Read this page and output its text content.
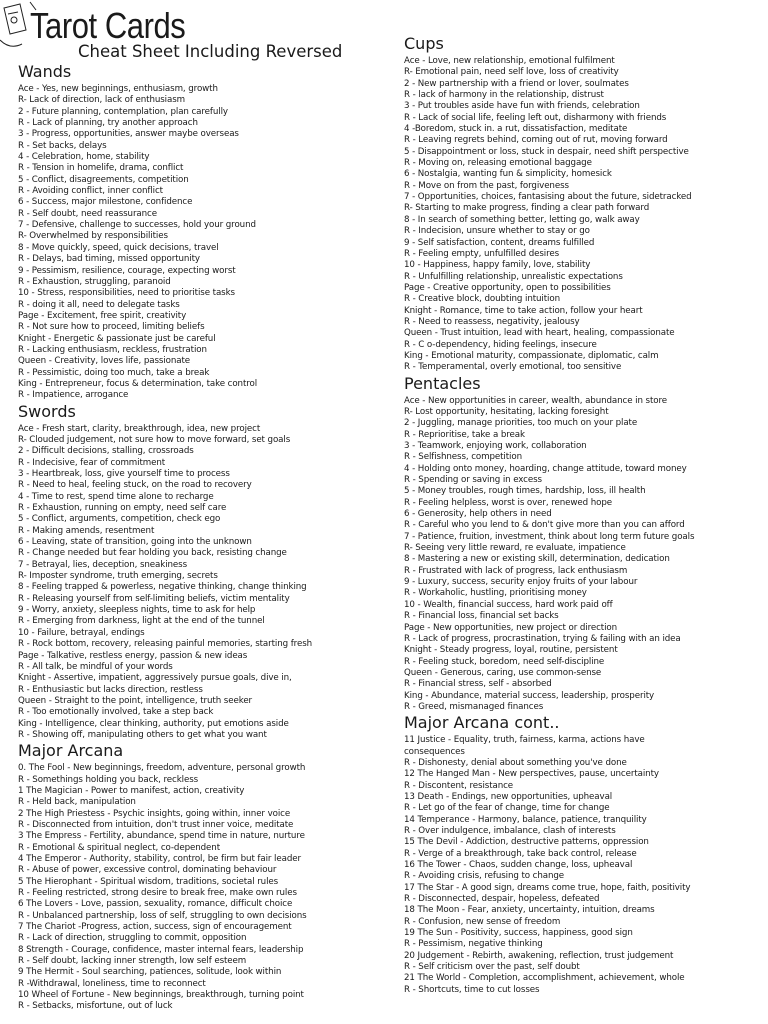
Tarot Cards
Cheat Sheet Including Reversed
Wands
Ace - Yes, new beginnings, enthusiasm, growth
R- Lack of direction, lack of enthusiasm
2 - Future planning, contemplation, plan carefully
R - Lack of planning, try another approach
3 - Progress, opportunities, answer maybe overseas
R - Set backs, delays
4 - Celebration, home, stability
R - Tension in homelife, drama, conflict
5 - Conflict, disagreements, competition
R - Avoiding conflict, inner conflict
6 - Success, major milestone, confidence
R - Self doubt, need reassurance
7 - Defensive, challenge to successes, hold your ground
R- Overwhelmed by responsibilities
8 - Move quickly, speed, quick decisions, travel
R - Delays, bad timing, missed opportunity
9 - Pessimism, resilience, courage, expecting worst
R - Exhaustion, struggling, paranoid
10 - Stress, responsibilities, need to prioritise tasks
R - doing it all, need to delegate tasks
Page - Excitement, free spirit, creativity
R - Not sure how to proceed, limiting beliefs
Knight - Energetic & passionate just be careful
R - Lacking enthusiasm, reckless, frustration
Queen - Creativity, loves life, passionate
R - Pessimistic, doing too much, take a break
King - Entrepreneur, focus & determination, take control
R - Impatience, arrogance
Swords
Ace - Fresh start, clarity, breakthrough, idea, new project
R- Clouded judgement, not sure how to move forward, set goals
2 - Difficult decisions, stalling, crossroads
R - Indecisive, fear of commitment
3 - Heartbreak, loss, give yourself time to process
R - Need to heal, feeling stuck, on the road to recovery
4 - Time to rest, spend time alone to recharge
R - Exhaustion, running on empty, need self care
5 - Conflict, arguments, competition, check ego
R - Making amends, resentment
6 - Leaving, state of transition, going into the unknown
R - Change needed but fear holding you back, resisting change
7 - Betrayal, lies, deception, sneakiness
R- Imposter syndrome, truth emerging, secrets
8 - Feeling trapped & powerless, negative thinking, change thinking
R - Releasing yourself from self-limiting beliefs, victim mentality
9 - Worry, anxiety, sleepless nights, time to ask for help
R - Emerging from darkness, light at the end of the tunnel
10 - Failure, betrayal, endings
R - Rock bottom, recovery, releasing painful memories, starting fresh
Page - Talkative, restless energy, passion & new ideas
R - All talk, be mindful of your words
Knight - Assertive, impatient, aggressively pursue goals, dive in,
R - Enthusiastic but lacks direction, restless
Queen - Straight to the point, intelligence, truth seeker
R - Too emotionally involved, take a step back
King - Intelligence, clear thinking, authority, put emotions aside
R - Showing off, manipulating others to get what you want
Major Arcana
0. The Fool - New beginnings, freedom, adventure, personal growth
R - Somethings holding you back, reckless
1 The Magician - Power to manifest, action, creativity
R - Held back, manipulation
2 The High Priestess - Psychic insights, going within, inner voice
R - Disconnected from intuition, don't trust inner voice, meditate
3 The Empress - Fertility, abundance, spend time in nature, nurture
R - Emotional & spiritual neglect, co-dependent
4 The Emperor - Authority, stability, control, be firm but fair leader
R - Abuse of power, excessive control, dominating behaviour
5 The Hierophant - Spiritual wisdom, traditions, societal rules
R - Feeling restricted, strong desire to break free, make own rules
6 The Lovers - Love, passion, sexuality, romance, difficult choice
R - Unbalanced partnership, loss of self, struggling to own decisions
7 The Chariot -Progress, action, success, sign of encouragement
R - Lack of direction, struggling to commit, opposition
8 Strength - Courage, confidence, master internal fears, leadership
R - Self doubt, lacking inner strength, low self esteem
9 The Hermit - Soul searching, patiences, solitude, look within
R -Withdrawal, loneliness, time to reconnect
10 Wheel of Fortune - New beginnings, breakthrough, turning point
R - Setbacks, misfortune, out of luck
Cups
Ace - Love, new relationship, emotional fulfilment
R- Emotional pain, need self love, loss of creativity
2 - New partnership with a friend or lover, soulmates
R - lack of harmony in the relationship, distrust
3 - Put troubles aside have fun with friends, celebration
R - Lack of social life, feeling left out, disharmony with friends
4 -Boredom, stuck in. a rut, dissatisfaction, meditate
R - Leaving regrets behind, coming out of rut, moving forward
5 - Disappointment or loss, stuck in despair, need shift perspective
R - Moving on, releasing emotional baggage
6 - Nostalgia, wanting fun & simplicity, homesick
R - Move on from the past, forgiveness
7 - Opportunities, choices, fantasising about the future, sidetracked
R- Starting to make progress, finding a clear path forward
8 - In search of something better, letting go, walk away
R - Indecision, unsure whether to stay or go
9 - Self satisfaction, content, dreams fulfilled
R - Feeling empty, unfulfilled desires
10 - Happiness, happy family, love, stability
R - Unfulfilling relationship, unrealistic expectations
Page - Creative opportunity, open to possibilities
R - Creative block, doubting intuition
Knight - Romance, time to take action, follow your heart
R - Need to reassess, negativity, jealousy
Queen - Trust intuition, lead with heart, healing, compassionate
R - C o-dependency, hiding feelings, insecure
King - Emotional maturity, compassionate, diplomatic, calm
R - Temperamental, overly emotional, too sensitive
Pentacles
Ace - New opportunities in career, wealth, abundance in store
R- Lost opportunity, hesitating, lacking foresight
2 - Juggling, manage priorities, too much on your plate
R - Reprioritise, take a break
3 - Teamwork, enjoying work, collaboration
R - Selfishness, competition
4 - Holding onto money, hoarding, change attitude, toward money
R - Spending or saving in excess
5 - Money troubles, rough times, hardship, loss, ill health
R - Feeling helpless, worst is over, renewed hope
6 - Generosity, help others in need
R - Careful who you lend to & don't give more than you can afford
7 - Patience, fruition, investment, think about long term future goals
R- Seeing very little reward, re evaluate, impatience
8 - Mastering a new or existing skill, determination, dedication
R - Frustrated with lack of progress, lack enthusiasm
9 - Luxury, success, security enjoy fruits of your labour
R - Workaholic, hustling, prioritising money
10 - Wealth, financial success, hard work paid off
R - Financial loss, financial set backs
Page - New opportunities, new project or direction
R - Lack of progress, procrastination, trying & failing with an idea
Knight - Steady progress, loyal, routine, persistent
R - Feeling stuck, boredom, need self-discipline
Queen - Generous, caring, use common-sense
R - Financial stress, self - absorbed
King - Abundance, material success, leadership, prosperity
R - Greed, mismanaged finances
Major Arcana cont..
11 Justice - Equality, truth, fairness, karma, actions have
consequences
R - Dishonesty, denial about something you've done
12 The Hanged Man - New perspectives, pause, uncertainty
R - Discontent, resistance
13 Death - Endings, new opportunities, upheaval
R - Let go of the fear of change, time for change
14 Temperance - Harmony, balance, patience, tranquility
R - Over indulgence, imbalance, clash of interests
15 The Devil - Addiction, destructive patterns, oppression
R - Verge of a breakthrough, take back control, release
16 The Tower - Chaos, sudden change, loss, upheaval
R - Avoiding crisis, refusing to change
17 The Star - A good sign, dreams come true, hope, faith, positivity
R - Disconnected, despair, hopeless, defeated
18 The Moon - Fear, anxiety, uncertainty, intuition, dreams
R - Confusion, new sense of freedom
19 The Sun - Positivity, success, happiness, good sign
R - Pessimism, negative thinking
20 Judgement - Rebirth, awakening, reflection, trust judgement
R - Self criticism over the past, self doubt
21 The World - Completion, accomplishment, achievement, whole
R - Shortcuts, time to cut losses
